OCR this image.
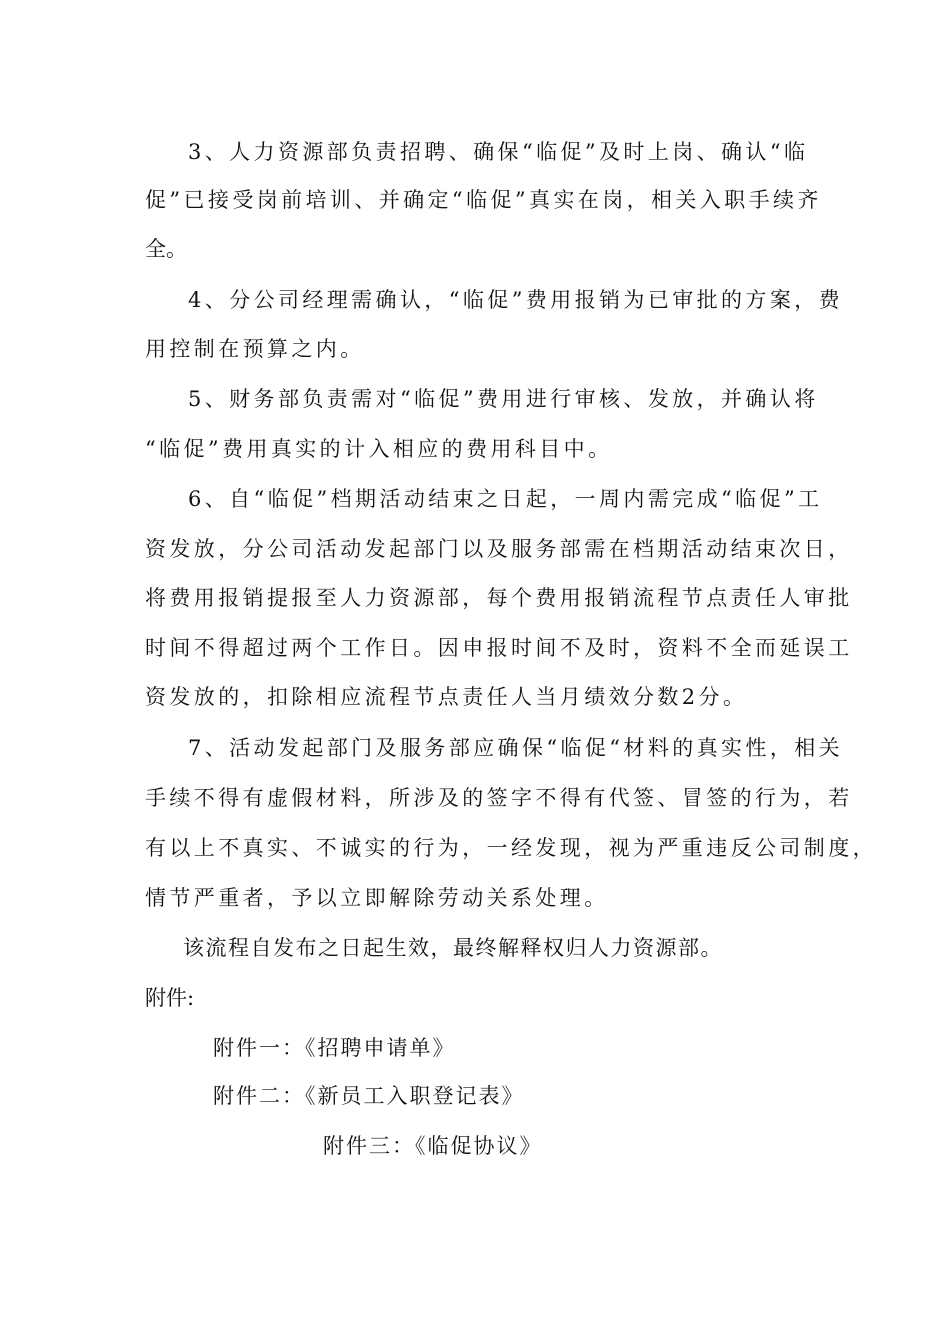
3、人力资源部负责招聘、确保“临促”及时上岗、确认“临
促”已接受岗前培训、并确定“临促”真实在岗，相关入职手续齐
全。
4、分公司经理需确认，“临促”费用报销为已审批的方案，费
用控制在预算之内。
5、财务部负责需对“临促”费用进行审核、发放，并确认将
“临促”费用真实的计入相应的费用科目中。
6、自“临促”档期活动结束之日起，一周内需完成“临促”工
资发放，分公司活动发起部门以及服务部需在档期活动结束次日，
将费用报销提报至人力资源部，每个费用报销流程节点责任人审批
时间不得超过两个工作日。因申报时间不及时，资料不全而延误工
资发放的，扣除相应流程节点责任人当月绩效分数2分。
7、活动发起部门及服务部应确保“临促“材料的真实性，相关
手续不得有虚假材料，所涉及的签字不得有代签、冒签的行为，若
有以上不真实、不诚实的行为，一经发现，视为严重违反公司制度，
情节严重者，予以立即解除劳动关系处理。
该流程自发布之日起生效，最终解释权归人力资源部。
附件:
附件一：《招聘申请单》
附件二：《新员工入职登记表》
附件三：《临促协议》
